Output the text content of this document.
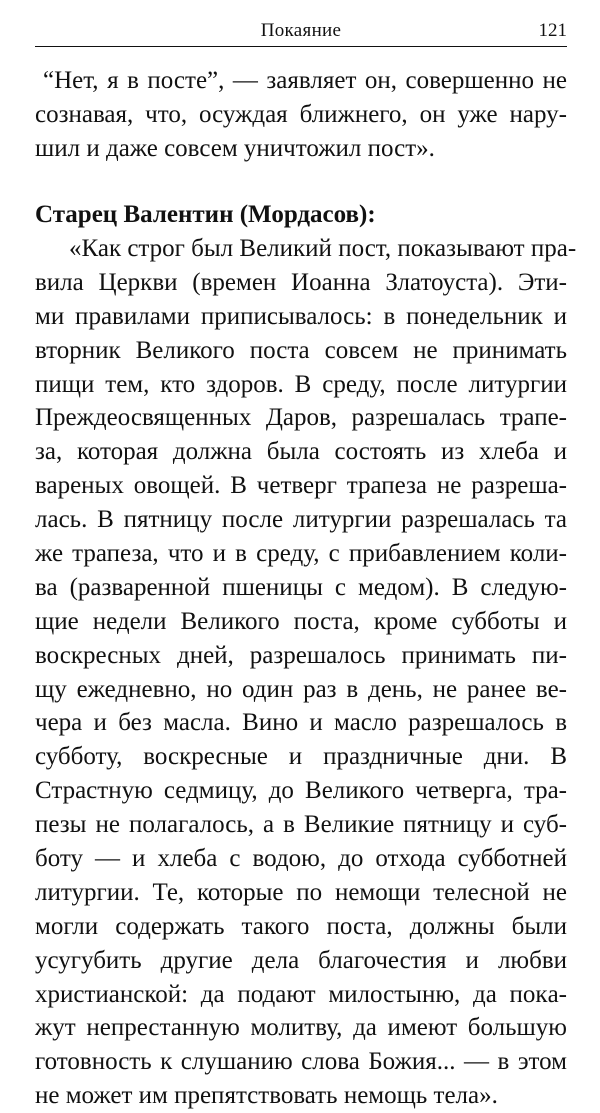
Покаяние	121
“Нет, я в посте”, — заявляет он, совершенно не
сознавая, что, осуждая ближнего, он уже нару-
шил и даже совсем уничтожил пост».
Старец Валентин (Мордасов):
«Как строг был Великий пост, показывают пра-
вила Церкви (времен Иоанна Златоуста). Эти-
ми правилами приписывалось: в понедельник и
вторник Великого поста совсем не принимать
пищи тем, кто здоров. В среду, после литургии
Преждеосвященных Даров, разрешалась трапе-
за, которая должна была состоять из хлеба и
вареных овощей. В четверг трапеза не разреша-
лась. В пятницу после литургии разрешалась та
же трапеза, что и в среду, с прибавлением коли-
ва (разваренной пшеницы с медом). В следую-
щие недели Великого поста, кроме субботы и
воскресных дней, разрешалось принимать пи-
щу ежедневно, но один раз в день, не ранее ве-
чера и без масла. Вино и масло разрешалось в
субботу, воскресные и праздничные дни. В
Страстную седмицу, до Великого четверга, тра-
пезы не полагалось, а в Великие пятницу и суб-
боту — и хлеба с водою, до отхода субботней
литургии. Те, которые по немощи телесной не
могли содержать такого поста, должны были
усугубить другие дела благочестия и любви
христианской: да подают милостыню, да покa-
жут непрестанную молитву, да имеют большую
готовность к слушанию слова Божия... — в этом
не может им препятствовать немощь тела».
